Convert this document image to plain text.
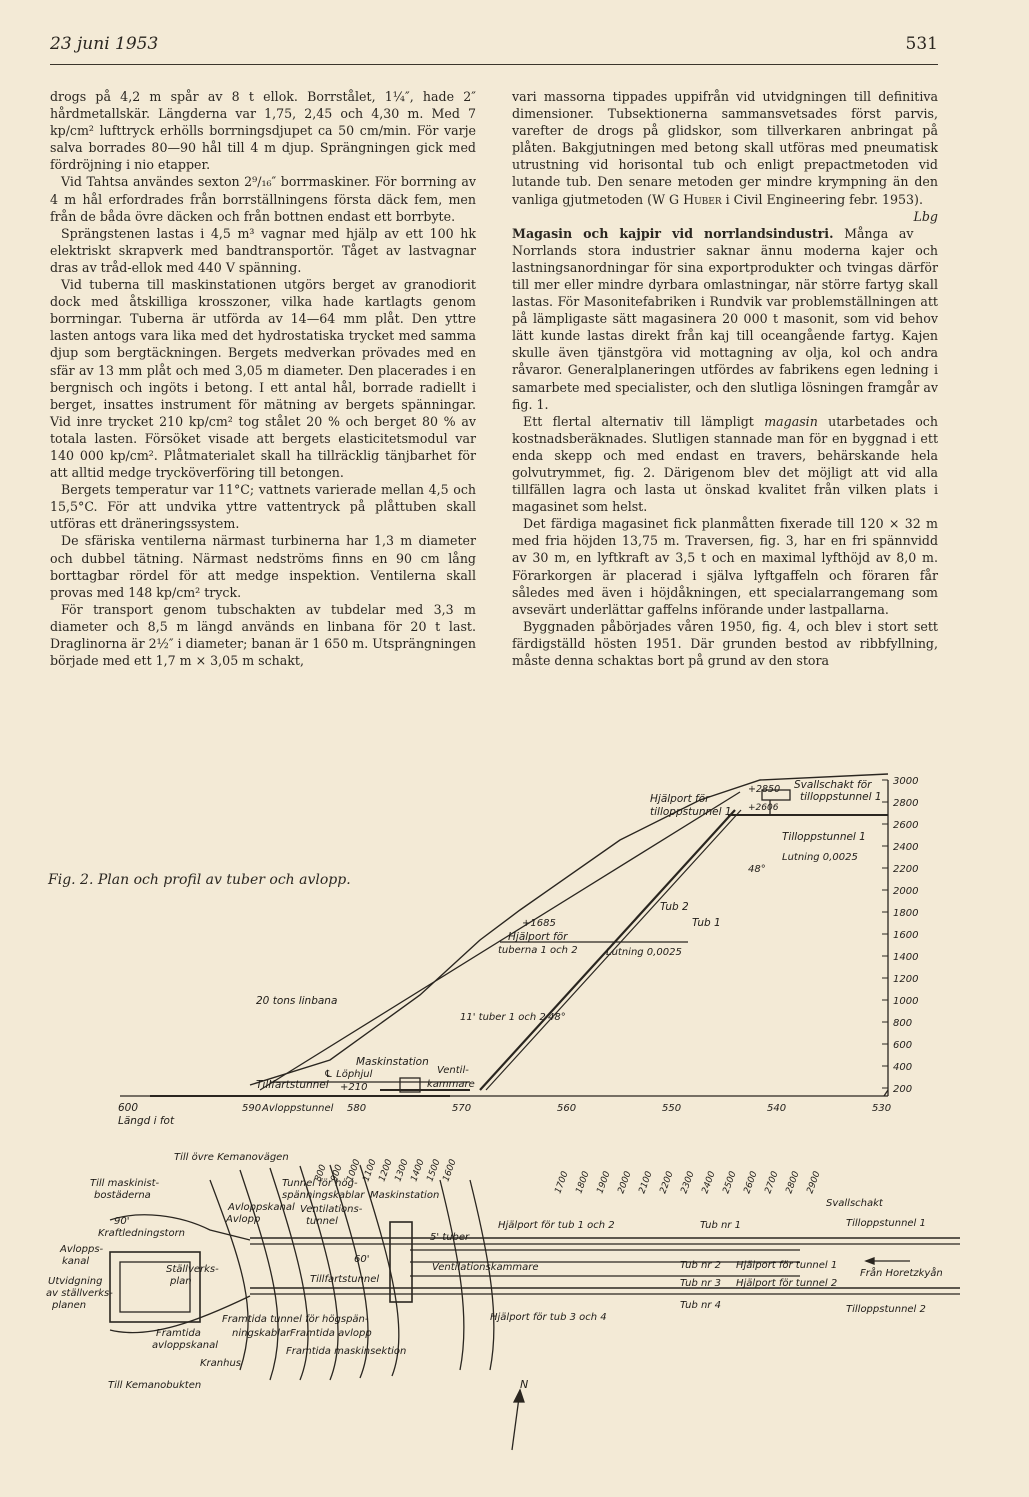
23 juni 1953	531

drogs på 4,2 m spår av 8 t ellok. Borrstålet, 1¼″, hade 2″ hårdmetallskär. Längderna var 1,75, 2,45 och 4,30 m. Med 7 kp/cm² lufttryck erhölls borrningsdjupet ca 50 cm/min. För varje salva borrades 80—90 hål till 4 m djup. Sprängningen gick med fördröjning i nio etapper.

Vid Tahtsa användes sexton 2⁹/₁₆″ borrmaskiner. För borrning av 4 m hål erfordrades från borrställningens första däck fem, men från de båda övre däcken och från bottnen endast ett borrbyte.

Sprängstenen lastas i 4,5 m³ vagnar med hjälp av ett 100 hk elektriskt skrapverk med bandtransportör. Tåget av lastvagnar dras av tråd-ellok med 440 V spänning.

Vid tuberna till maskinstationen utgörs berget av granodiorit dock med åtskilliga krosszoner, vilka hade kartlagts genom borrningar. Tuberna är utförda av 14—64 mm plåt. Den yttre lasten antogs vara lika med det hydrostatiska trycket med samma djup som bergtäckningen. Bergets medverkan prövades med en sfär av 13 mm plåt och med 3,05 m diameter. Den placerades i en bergnisch och ingöts i betong. I ett antal hål, borrade radiellt i berget, insattes instrument för mätning av bergets spänningar. Vid inre trycket 210 kp/cm² tog stålet 20 % och berget 80 % av totala lasten. Försöket visade att bergets elasticitetsmodul var 140 000 kp/cm². Plåtmaterialet skall ha tillräcklig tänjbarhet för att alltid medge trycköverföring till betongen.

Bergets temperatur var 11°C; vattnets varierade mellan 4,5 och 15,5°C. För att undvika yttre vattentryck på plåttuben skall utföras ett dräneringssystem.

De sfäriska ventilerna närmast turbinerna har 1,3 m diameter och dubbel tätning. Närmast nedströms finns en 90 cm lång borttagbar rördel för att medge inspektion. Ventilerna skall provas med 148 kp/cm² tryck.

För transport genom tubschakten av tubdelar med 3,3 m diameter och 8,5 m längd används en linbana för 20 t last. Draglinorna är 2½″ i diameter; banan är 1 650 m. Utsprängningen började med ett 1,7 m × 3,05 m schakt,

vari massorna tippades uppifrån vid utvidgningen till definitiva dimensioner. Tubsektionerna sammansvetsades först parvis, varefter de drogs på glidskor, som tillverkaren anbringat på plåten. Bakgjutningen med betong skall utföras med pneumatisk utrustning vid horisontal tub och enligt prepactmetoden vid lutande tub. Den senare metoden ger mindre krympning än den vanliga gjutmetoden (W G Huber i Civil Engineering febr. 1953).
Lbg

Magasin och kajpir vid norrlandsindustri. Många av Norrlands stora industrier saknar ännu moderna kajer och lastningsanordningar för sina exportprodukter och tvingas därför till mer eller mindre dyrbara omlastningar, när större fartyg skall lastas. För Masonitefabriken i Rundvik var problemställningen att på lämpligaste sätt magasinera 20 000 t masonit, som vid behov lätt kunde lastas direkt från kaj till oceangående fartyg. Kajen skulle även tjänstgöra vid mottagning av olja, kol och andra råvaror. Generalplaneringen utfördes av fabrikens egen ledning i samarbete med specialister, och den slutliga lösningen framgår av fig. 1.

Ett flertal alternativ till lämpligt magasin utarbetades och kostnadsberäknades. Slutligen stannade man för en byggnad i ett enda skepp och med endast en travers, behärskande hela golvutrymmet, fig. 2. Därigenom blev det möjligt att vid alla tillfällen lagra och lasta ut önskad kvalitet från vilken plats i magasinet som helst.

Det färdiga magasinet fick planmåtten fixerade till 120 × 32 m med fria höjden 13,75 m. Traversen, fig. 3, har en fri spännvidd av 30 m, en lyftkraft av 3,5 t och en maximal lyfthöjd av 8,0 m. Förarkorgen är placerad i själva lyftgaffeln och föraren får således med även i höjdåkningen, ett specialarrangemang som avsevärt underlättar gaffelns införande under lastpallarna.

Byggnaden påbörjades våren 1950, fig. 4, och blev i stort sett färdigställd hösten 1951. Där grunden bestod av ribbfyllning, måste denna schaktas bort på grund av den stora

Fig. 2. Plan och profil av tuber och avlopp.
3000
2800
2600
2400
2200
2000
1800
1600
1400
1200
1000
800
600
400
200
530
540
550
560
570
580
590
Hjälport för
tilloppstunnel 1
+2850
+2606
Svallschakt för
tilloppstunnel 1
Tilloppstunnel 1
Lutning 0,0025
48°
Tub 2
Tub 1
+1685
Hjälport för
tuberna 1 och 2	Lutning 0,0025
20 tons linbana
11' tuber 1 och 2 48°
Maskinstation
℄ Löphjul	Ventil-
kammare
Tillfartstunnel +210
Avloppstunnel
600
Längd i fot
800 900 1000
1100
1200
1300
1400
1500
1600	1700 1800 1900 2000 2100 2200 2300 2400 2500 2600 2700 2800 2900
Till övre Kemanovägen
Till maskinist-
bostäderna
Tunnel för hög-
spänningskablar Maskinstation
Avloppskanal
Avlopp
Ventilations-
tunnel
90'
Kraftledningstorn
Avlopps-
kanal
Utvidgning
av ställverks-
planen
Ställverks-
plan
Framtida
avloppskanal
Kranhus
Till Kemanobukten
5' tuber
60'
Tillfartstunnel
Ventilationskammare
Framtida tunnel för högspän-
ningskablar Framtida avlopp
Framtida maskinsektion
Hjälport för tub 1 och 2
Hjälport för tub 3 och 4
Tub nr 1
Tub nr 2
Tub nr 3
Tub nr 4
Hjälport för tunnel 1
Hjälport för tunnel 2
Svallschakt
Tilloppstunnel 1
Tilloppstunnel 2
Från Horetzkyån
N
